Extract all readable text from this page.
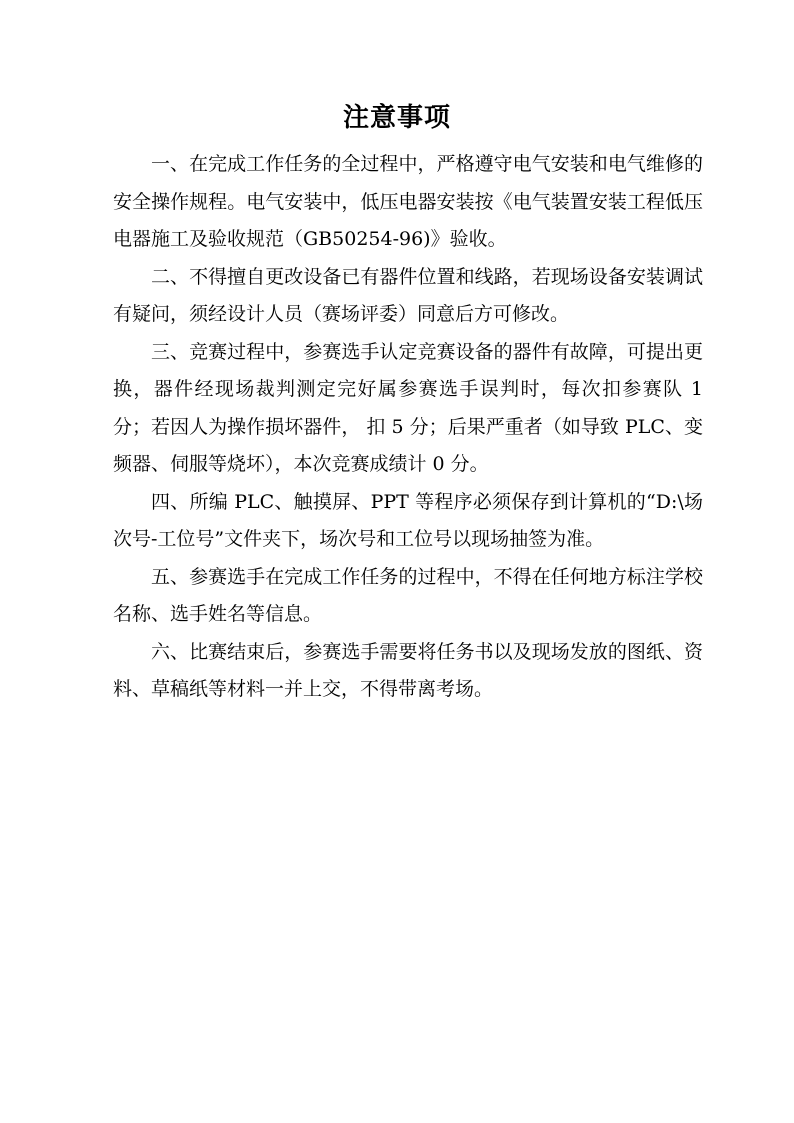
注意事项

一、在完成工作任务的全过程中，严格遵守电气安装和电气维修的安全操作规程。电气安装中，低压电器安装按《电气装置安装工程低压电器施工及验收规范（GB50254-96)》验收。

二、不得擅自更改设备已有器件位置和线路，若现场设备安装调试有疑问，须经设计人员（赛场评委）同意后方可修改。

三、竞赛过程中，参赛选手认定竞赛设备的器件有故障，可提出更换，器件经现场裁判测定完好属参赛选手误判时，每次扣参赛队 1 分；若因人为操作损坏器件， 扣 5 分；后果严重者（如导致 PLC、变频器、伺服等烧坏），本次竞赛成绩计 0 分。

四、所编 PLC、触摸屏、PPT 等程序必须保存到计算机的“D:\场次号-工位号”文件夹下，场次号和工位号以现场抽签为准。

五、参赛选手在完成工作任务的过程中，不得在任何地方标注学校名称、选手姓名等信息。

六、比赛结束后，参赛选手需要将任务书以及现场发放的图纸、资料、草稿纸等材料一并上交，不得带离考场。
